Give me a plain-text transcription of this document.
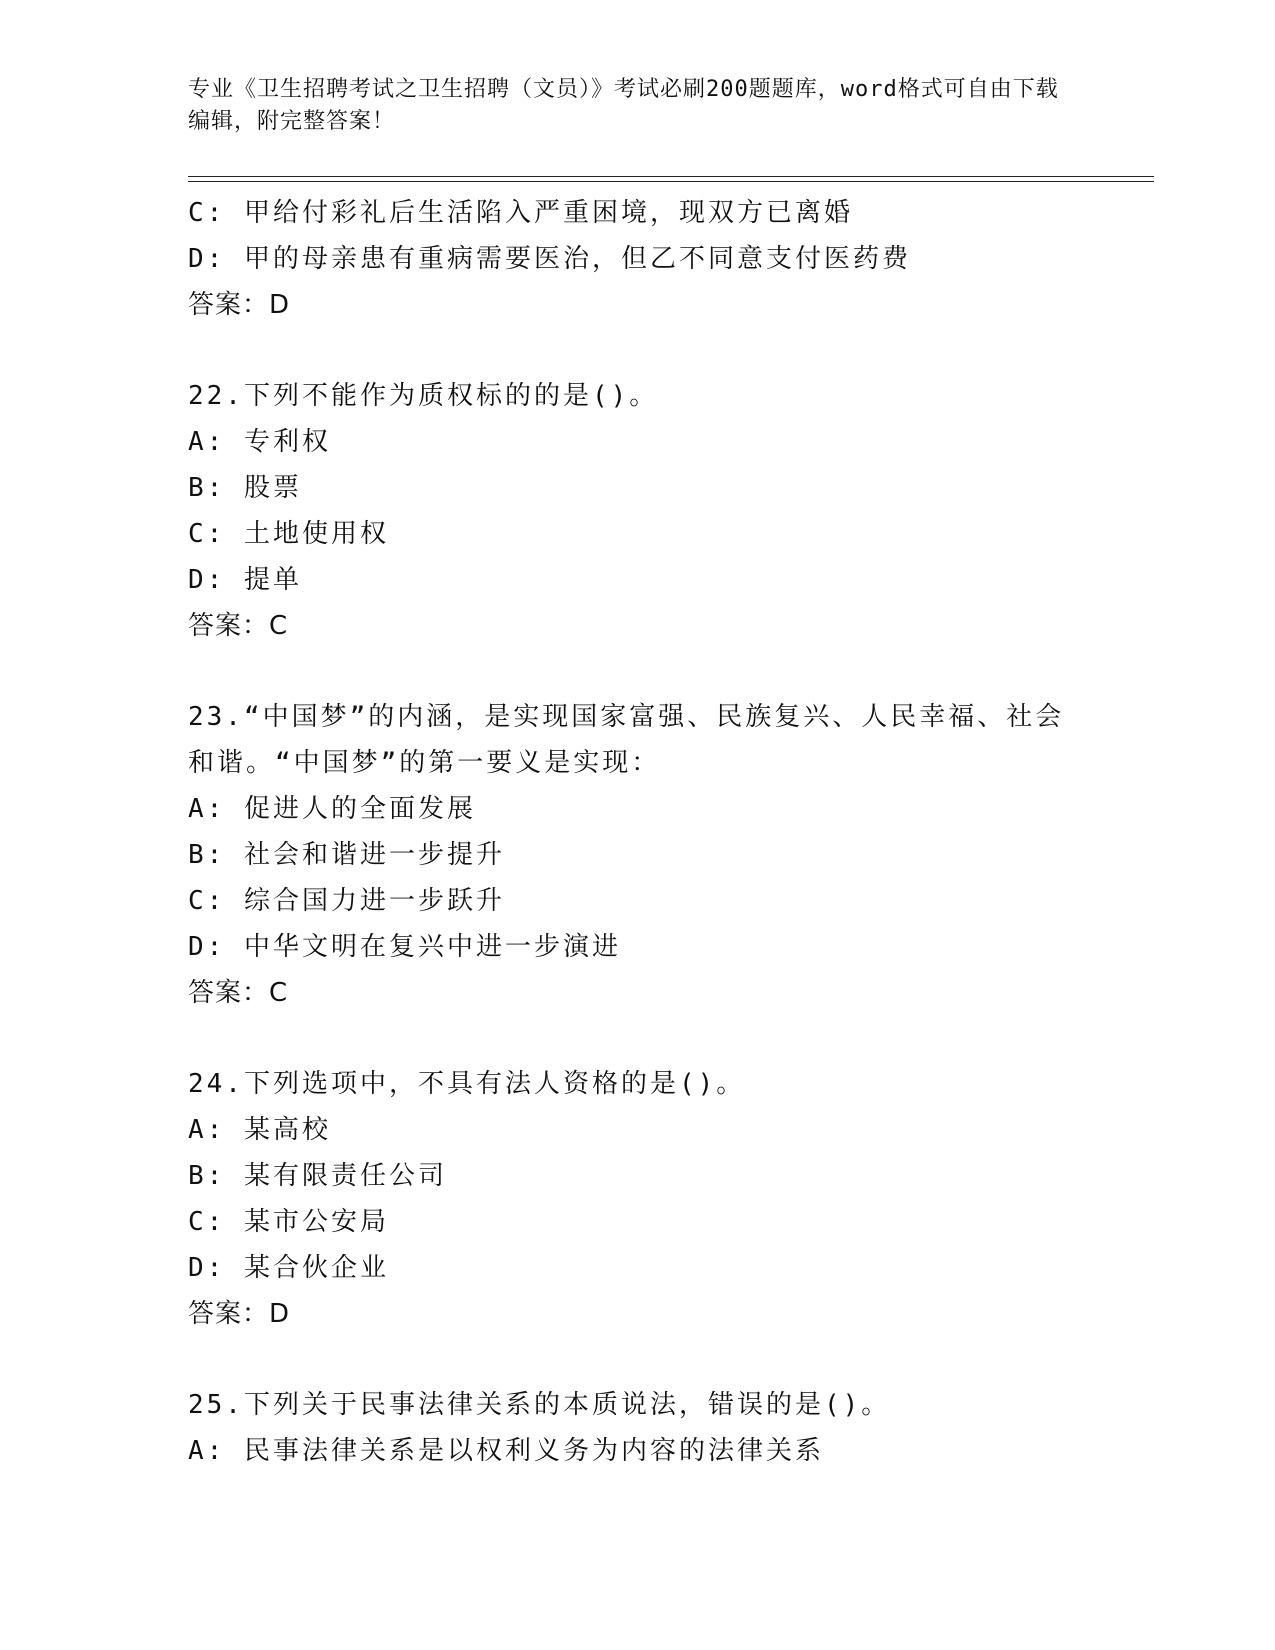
专业《卫生招聘考试之卫生招聘（文员）》考试必刷200题题库，word格式可自由下载编辑，附完整答案！

C: 甲给付彩礼后生活陷入严重困境，现双方已离婚

D: 甲的母亲患有重病需要医治，但乙不同意支付医药费

答案：D

22.下列不能作为质权标的的是()。

A: 专利权

B: 股票

C: 土地使用权

D: 提单

答案：C

23.“中国梦”的内涵，是实现国家富强、民族复兴、人民幸福、社会和谐。“中国梦”的第一要义是实现：

A: 促进人的全面发展

B: 社会和谐进一步提升

C: 综合国力进一步跃升

D: 中华文明在复兴中进一步演进

答案：C

24.下列选项中，不具有法人资格的是()。

A: 某高校

B: 某有限责任公司

C: 某市公安局

D: 某合伙企业

答案：D

25.下列关于民事法律关系的本质说法，错误的是()。

A: 民事法律关系是以权利义务为内容的法律关系
